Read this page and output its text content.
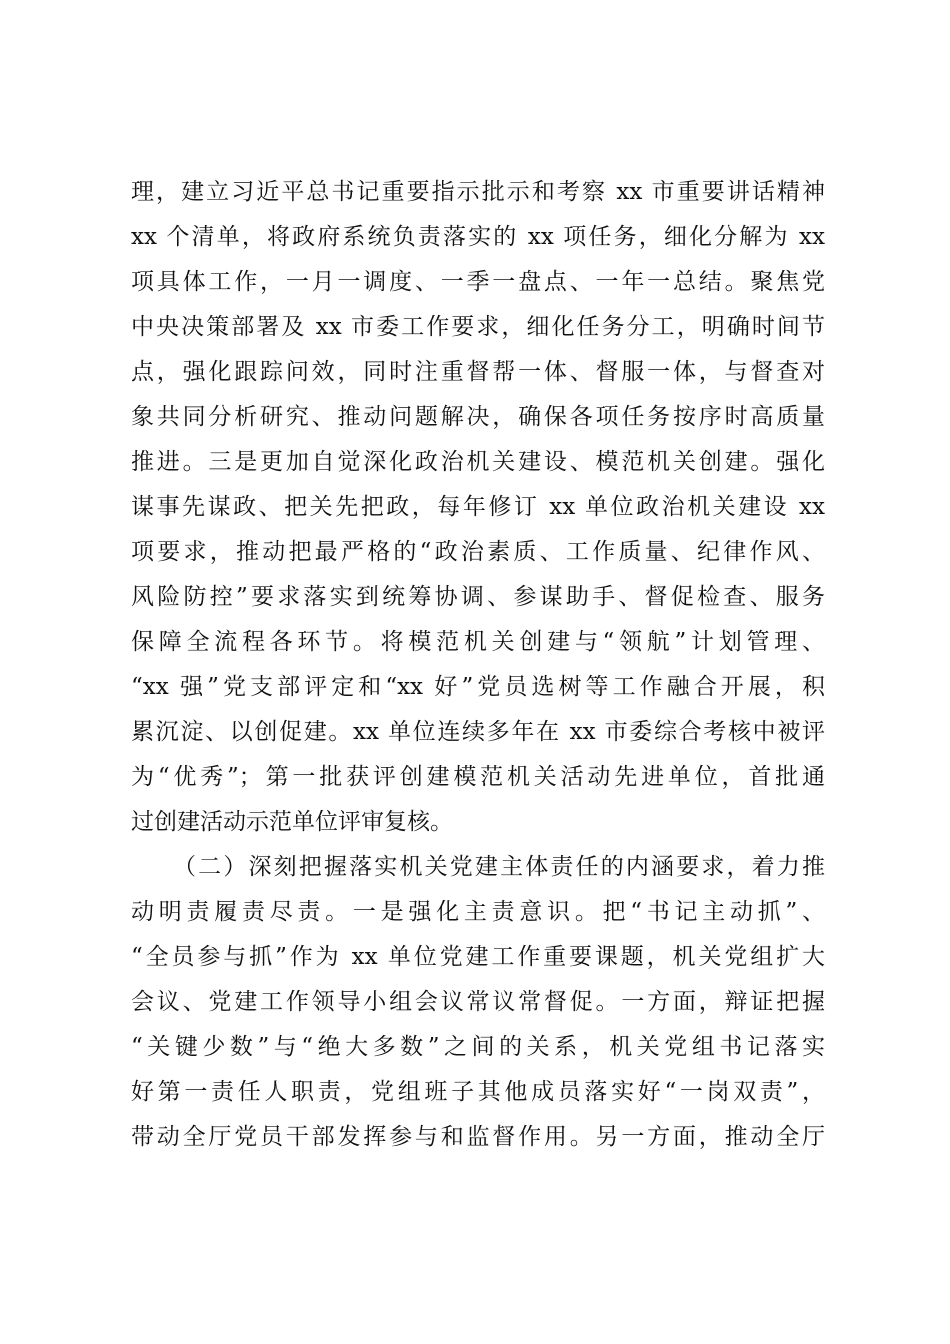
理，建立习近平总书记重要指示批示和考察 xx 市重要讲话精神
xx 个清单，将政府系统负责落实的 xx 项任务，细化分解为 xx
项具体工作，一月一调度、一季一盘点、一年一总结。聚焦党
中央决策部署及 xx 市委工作要求，细化任务分工，明确时间节
点，强化跟踪问效，同时注重督帮一体、督服一体，与督查对
象共同分析研究、推动问题解决，确保各项任务按序时高质量
推进。三是更加自觉深化政治机关建设、模范机关创建。强化
谋事先谋政、把关先把政，每年修订 xx 单位政治机关建设 xx
项要求，推动把最严格的“政治素质、工作质量、纪律作风、
风险防控”要求落实到统筹协调、参谋助手、督促检查、服务
保障全流程各环节。将模范机关创建与“领航”计划管理、
“xx 强”党支部评定和“xx 好”党员选树等工作融合开展，积
累沉淀、以创促建。xx 单位连续多年在 xx 市委综合考核中被评
为“优秀”；第一批获评创建模范机关活动先进单位，首批通
过创建活动示范单位评审复核。
（二）深刻把握落实机关党建主体责任的内涵要求，着力推
动明责履责尽责。一是强化主责意识。把“书记主动抓”、
“全员参与抓”作为 xx 单位党建工作重要课题，机关党组扩大
会议、党建工作领导小组会议常议常督促。一方面，辩证把握
“关键少数”与“绝大多数”之间的关系，机关党组书记落实
好第一责任人职责，党组班子其他成员落实好“一岗双责”，
带动全厅党员干部发挥参与和监督作用。另一方面，推动全厅
